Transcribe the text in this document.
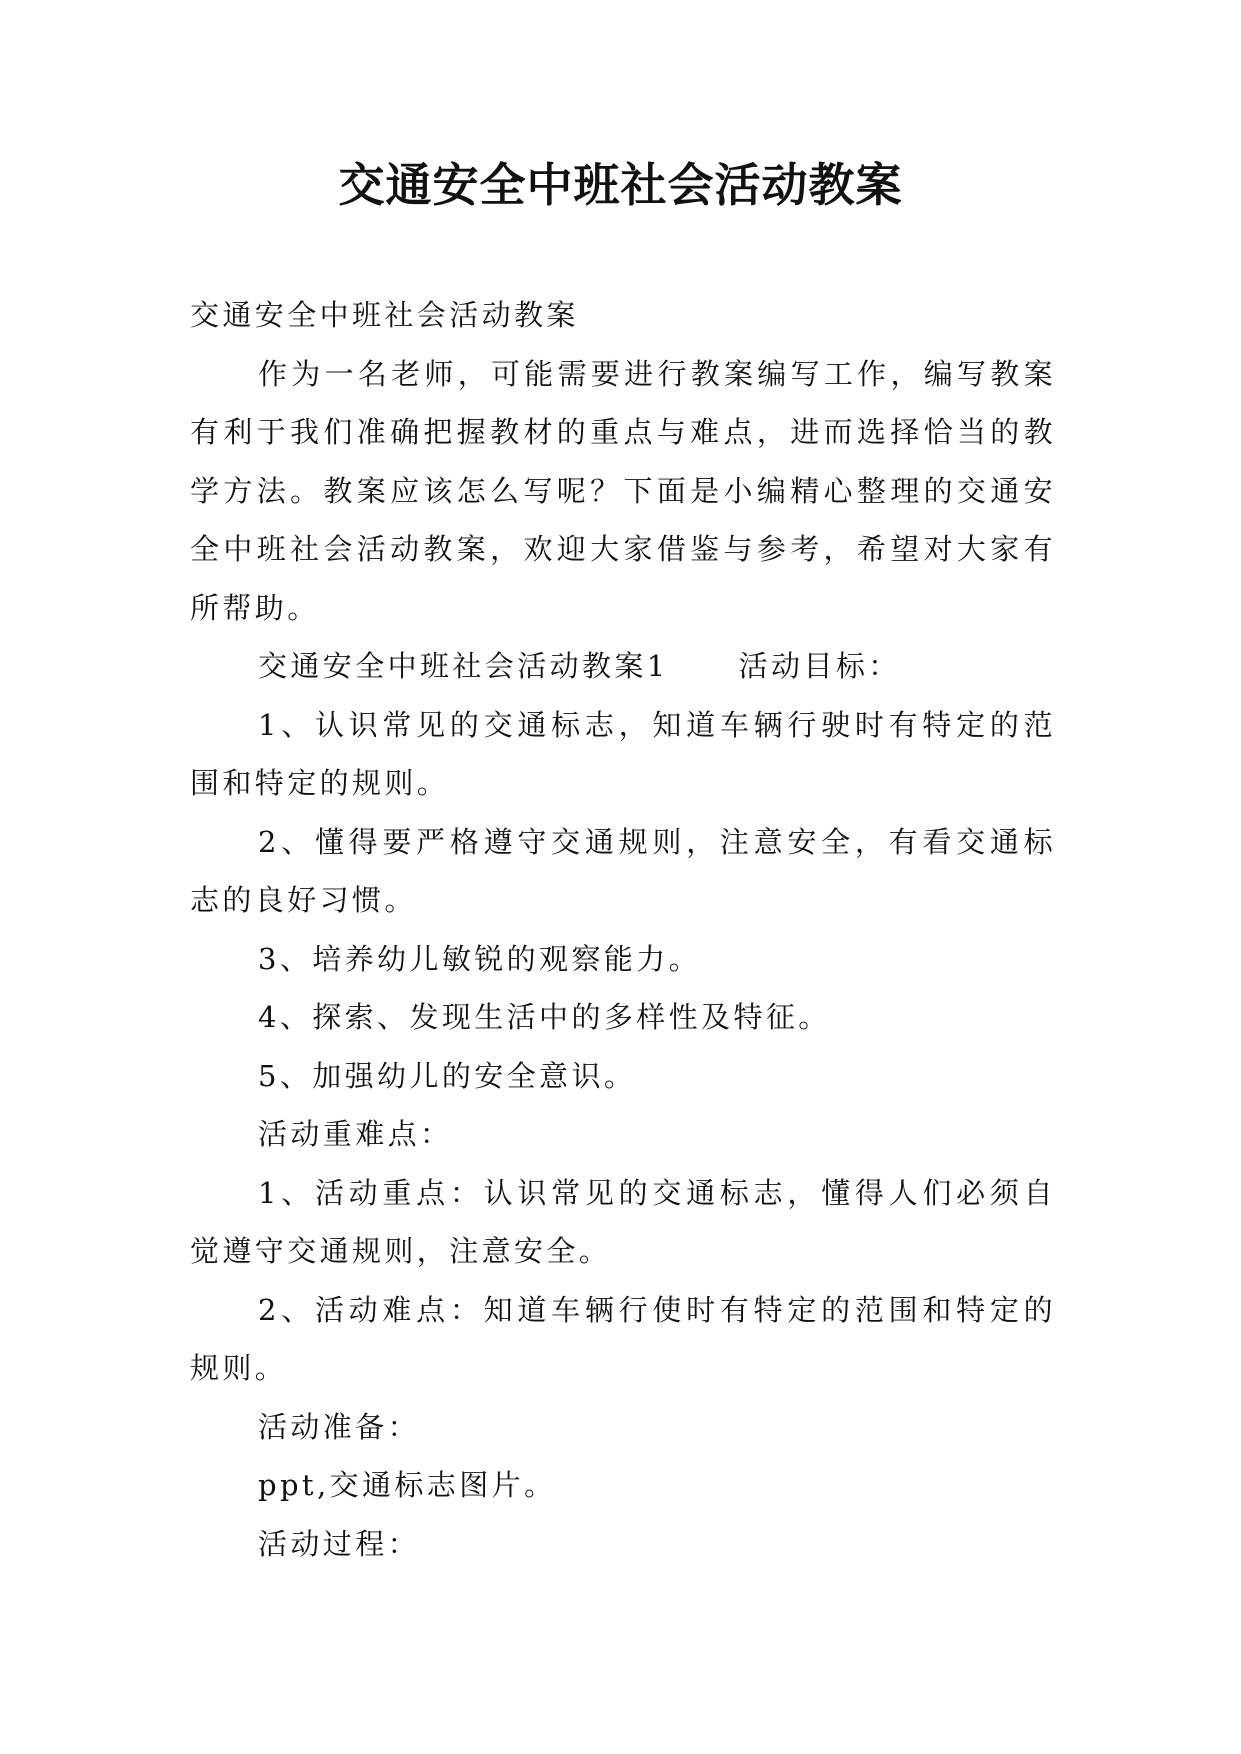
交通安全中班社会活动教案

交通安全中班社会活动教案

作为一名老师，可能需要进行教案编写工作，编写教案有利于我们准确把握教材的重点与难点，进而选择恰当的教学方法。教案应该怎么写呢？下面是小编精心整理的交通安全中班社会活动教案，欢迎大家借鉴与参考，希望对大家有所帮助。

交通安全中班社会活动教案1 活动目标：

1、认识常见的交通标志，知道车辆行驶时有特定的范围和特定的规则。

2、懂得要严格遵守交通规则，注意安全，有看交通标志的良好习惯。

3、培养幼儿敏锐的观察能力。

4、探索、发现生活中的多样性及特征。

5、加强幼儿的安全意识。

活动重难点：

1、活动重点：认识常见的交通标志，懂得人们必须自觉遵守交通规则，注意安全。

2、活动难点：知道车辆行使时有特定的范围和特定的规则。

活动准备：

ppt,交通标志图片。

活动过程：
